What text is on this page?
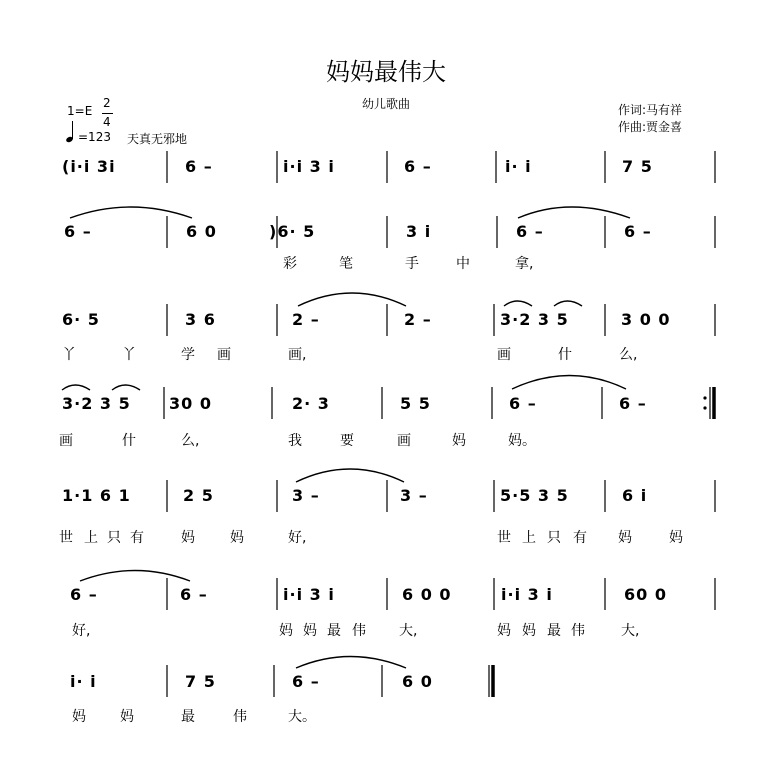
妈妈最伟大
幼儿歌曲	作词:马有祥
作曲:贾金喜
1=E
2
4
=123 天真无邪地
(i·i 3i	6 –	i·i 3 i	6 –	i· i	7 5
6 –	6 0	)6· 5	3 i	6 –	6 –
彩	笔	手	中	拿,
6· 5	3 6	2 –	2 –	3·2 3 5	3 0 0
丫	丫	学 画	画,	画	什	么,
3·2 3 5 30 0	2· 3	5 5	6 –	6 –
画	什	么,	我	要	画	妈	妈。
1·1 6 1	2 5	3 –	3 –	5·5 3 5	6 i
世 上 只 有	妈	妈	好,	世 上 只 有 妈	妈
6 –	6 –	i·i 3 i	6 0 0	i·i 3 i	60 0
好,	妈 妈 最 伟 大,	妈 妈 最 伟	大,
i· i	7 5	6 –	6 0
妈 妈	最	伟	大。
